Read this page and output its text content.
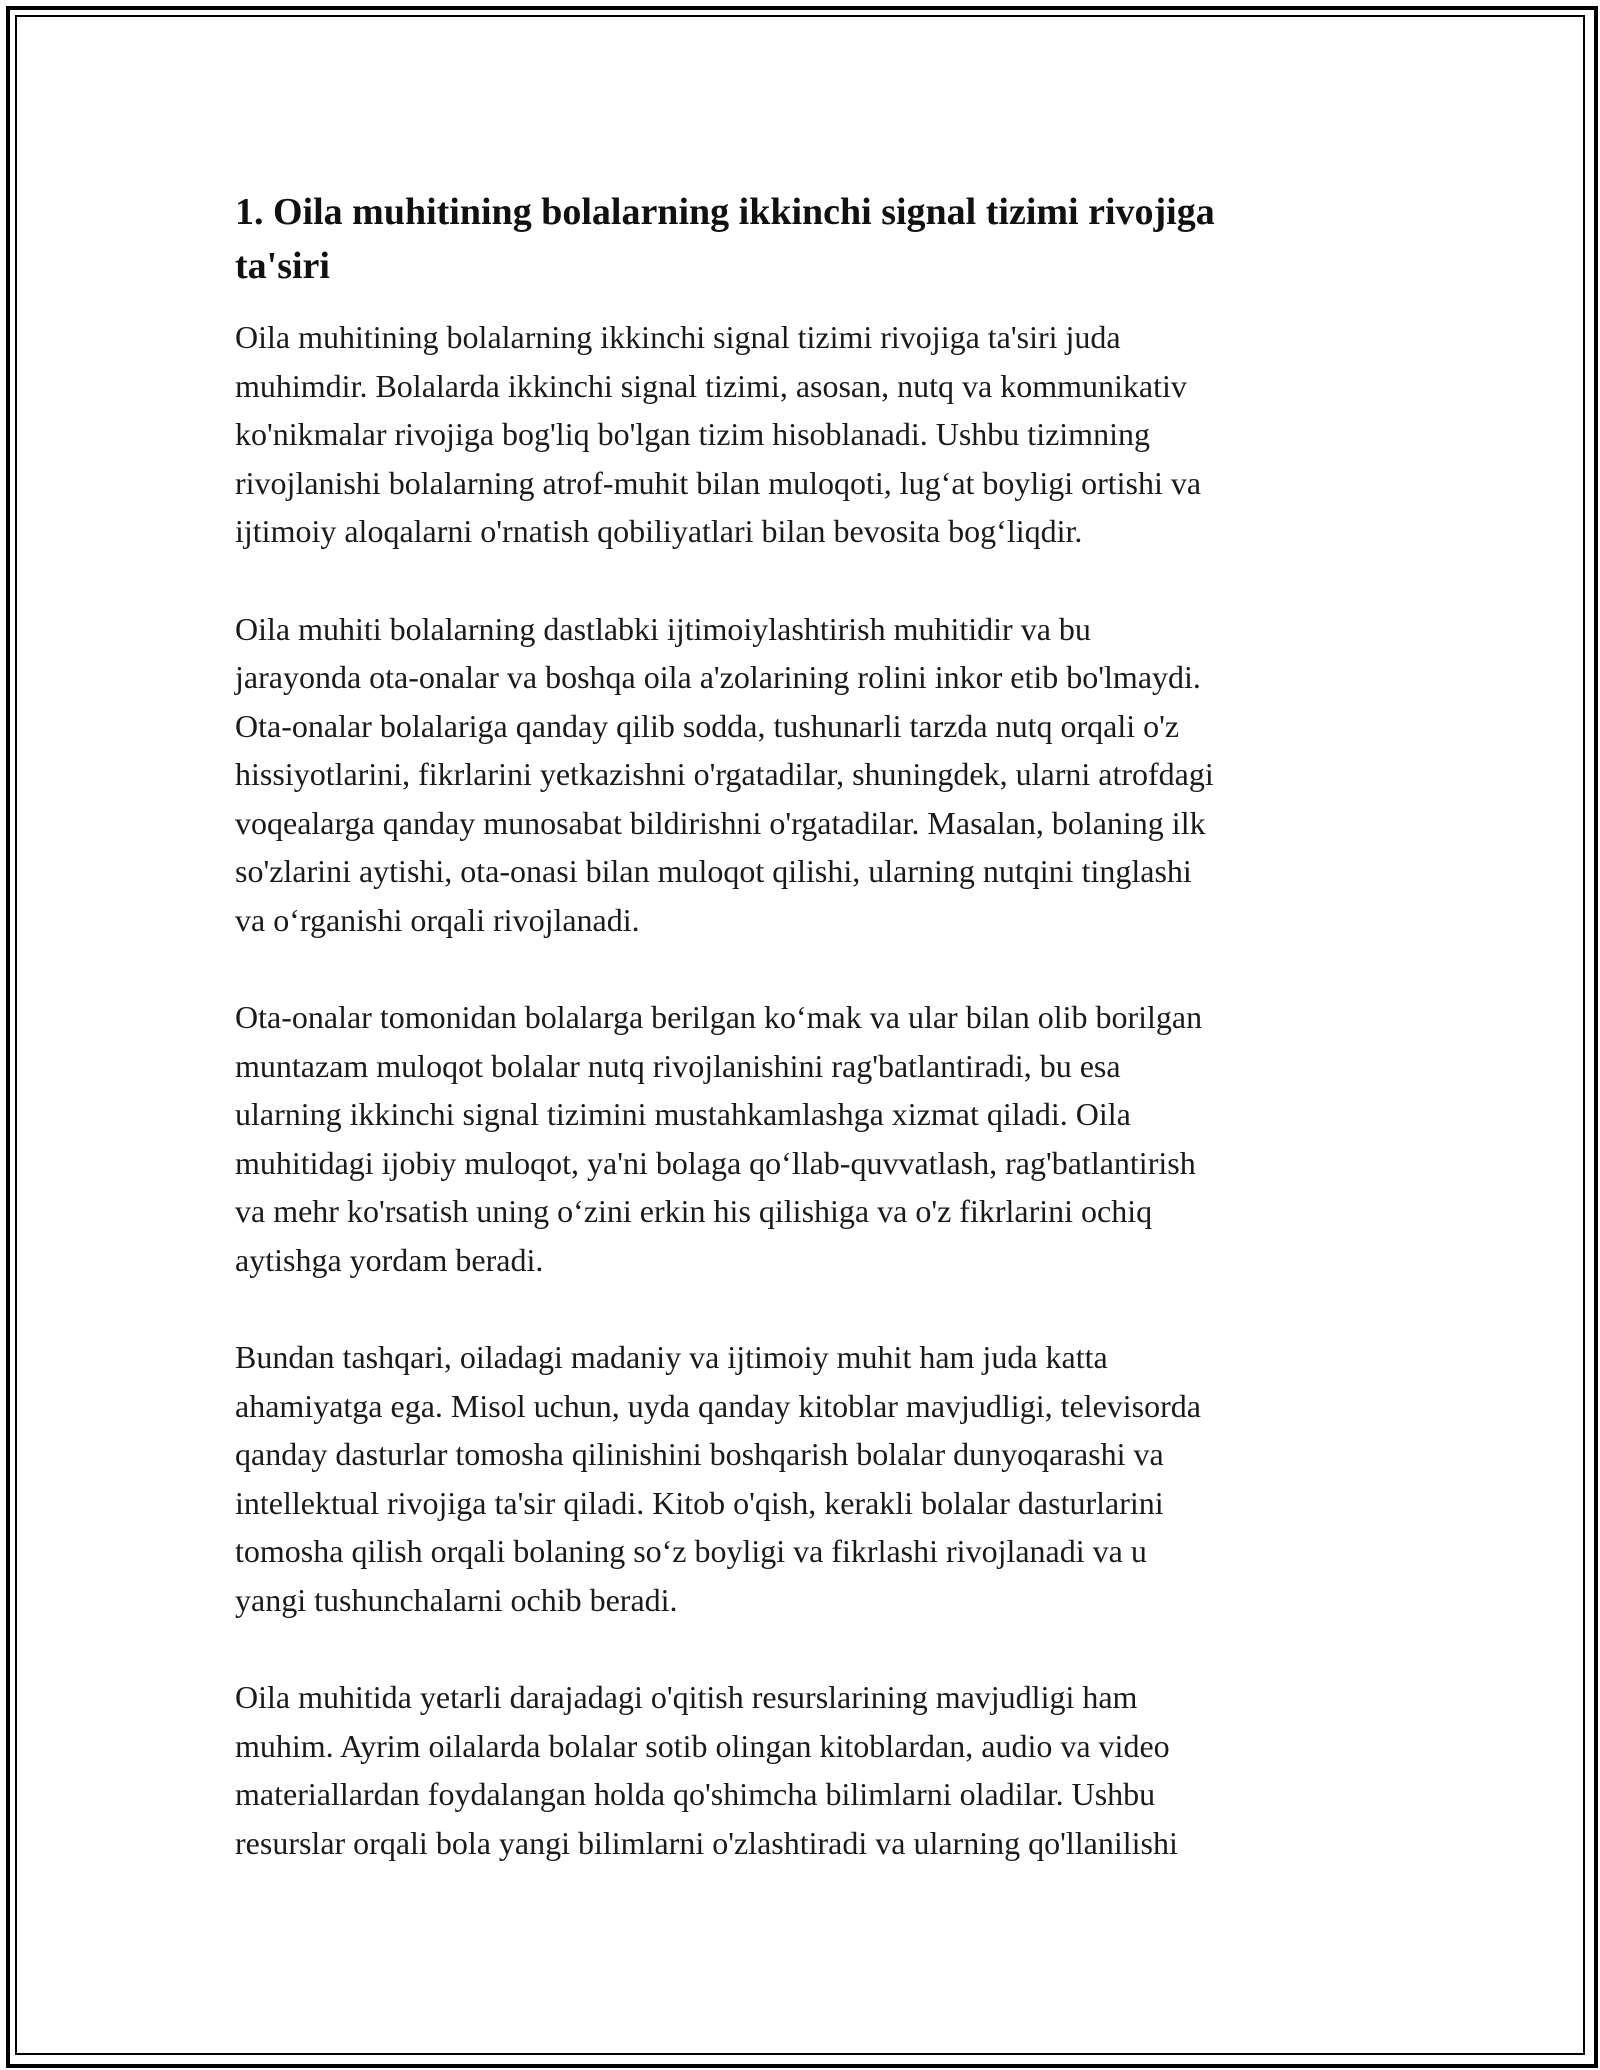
1. Oila muhitining bolalarning ikkinchi signal tizimi rivojiga
ta'siri

Oila muhitining bolalarning ikkinchi signal tizimi rivojiga ta'siri juda
muhimdir. Bolalarda ikkinchi signal tizimi, asosan, nutq va kommunikativ
ko'nikmalar rivojiga bog'liq bo'lgan tizim hisoblanadi. Ushbu tizimning
rivojlanishi bolalarning atrof-muhit bilan muloqoti, lug‘at boyligi ortishi va
ijtimoiy aloqalarni o'rnatish qobiliyatlari bilan bevosita bog‘liqdir.

Oila muhiti bolalarning dastlabki ijtimoiylashtirish muhitidir va bu
jarayonda ota-onalar va boshqa oila a'zolarining rolini inkor etib bo'lmaydi.
Ota-onalar bolalariga qanday qilib sodda, tushunarli tarzda nutq orqali o'z
hissiyotlarini, fikrlarini yetkazishni o'rgatadilar, shuningdek, ularni atrofdagi
voqealarga qanday munosabat bildirishni o'rgatadilar. Masalan, bolaning ilk
so'zlarini aytishi, ota-onasi bilan muloqot qilishi, ularning nutqini tinglashi
va o‘rganishi orqali rivojlanadi.

Ota-onalar tomonidan bolalarga berilgan ko‘mak va ular bilan olib borilgan
muntazam muloqot bolalar nutq rivojlanishini rag'batlantiradi, bu esa
ularning ikkinchi signal tizimini mustahkamlashga xizmat qiladi. Oila
muhitidagi ijobiy muloqot, ya'ni bolaga qo‘llab-quvvatlash, rag'batlantirish
va mehr ko'rsatish uning o‘zini erkin his qilishiga va o'z fikrlarini ochiq
aytishga yordam beradi.

Bundan tashqari, oiladagi madaniy va ijtimoiy muhit ham juda katta
ahamiyatga ega. Misol uchun, uyda qanday kitoblar mavjudligi, televisorda
qanday dasturlar tomosha qilinishini boshqarish bolalar dunyoqarashi va
intellektual rivojiga ta'sir qiladi. Kitob o'qish, kerakli bolalar dasturlarini
tomosha qilish orqali bolaning so‘z boyligi va fikrlashi rivojlanadi va u
yangi tushunchalarni ochib beradi.

Oila muhitida yetarli darajadagi o'qitish resurslarining mavjudligi ham
muhim. Ayrim oilalarda bolalar sotib olingan kitoblardan, audio va video
materiallardan foydalangan holda qo'shimcha bilimlarni oladilar. Ushbu
resurslar orqali bola yangi bilimlarni o'zlashtiradi va ularning qo'llanilishi
